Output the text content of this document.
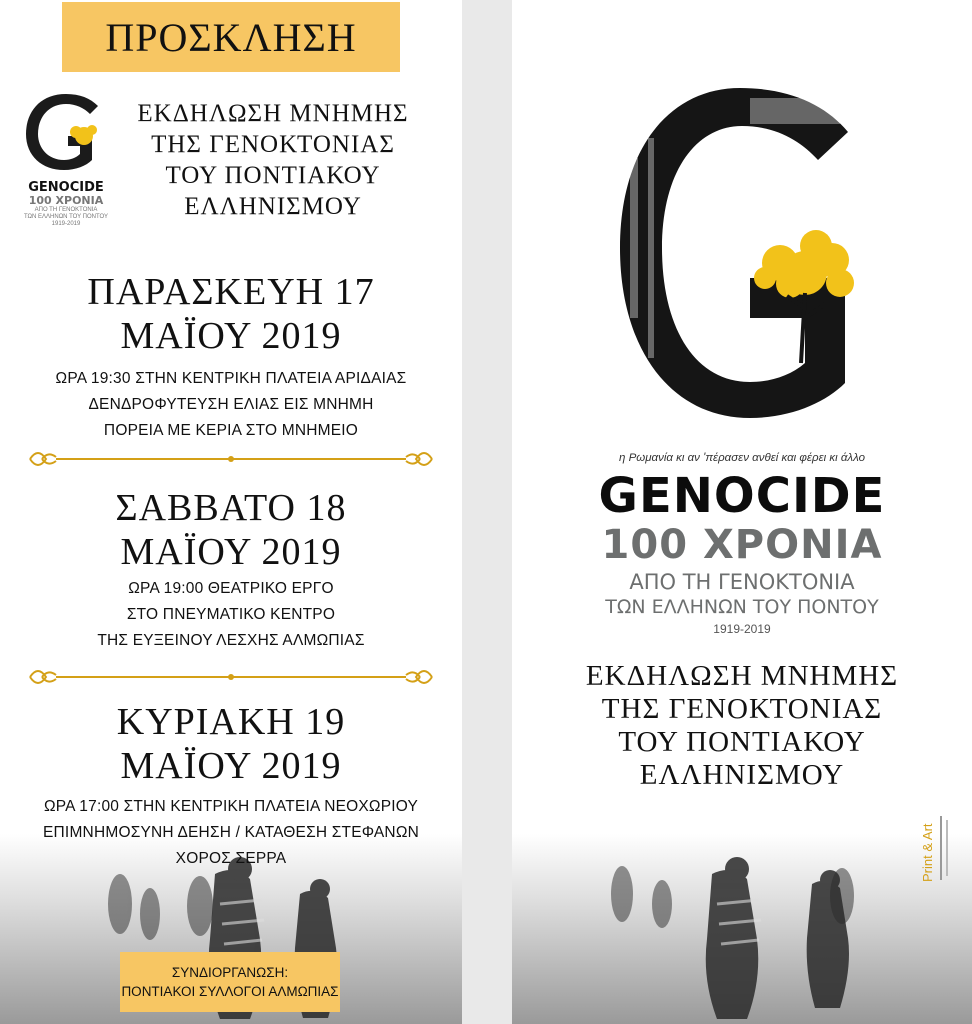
ΠΡΟΣΚΛΗΣΗ
GENOCIDE
100 ΧΡΟΝΙΑ
ΑΠΟ ΤΗ ΓΕΝΟΚΤΟΝΙΑ
ΤΩΝ ΕΛΛΗΝΩΝ ΤΟΥ ΠΟΝΤΟΥ
1919-2019
ΕΚΔΗΛΩΣΗ ΜΝΗΜΗΣ
ΤΗΣ ΓΕΝΟΚΤΟΝΙΑΣ
ΤΟΥ ΠΟΝΤΙΑΚΟΥ
ΕΛΛΗΝΙΣΜΟΥ
ΠΑΡΑΣΚΕΥΗ 17
ΜΑΪΟΥ 2019
ΩΡΑ 19:30 ΣΤΗΝ ΚΕΝΤΡΙΚΗ ΠΛΑΤΕΙΑ ΑΡΙΔΑΙΑΣ
ΔΕΝΔΡΟΦΥΤΕΥΣΗ ΕΛΙΑΣ ΕΙΣ ΜΝΗΜΗ
ΠΟΡΕΙΑ ΜΕ ΚΕΡΙΑ ΣΤΟ ΜΝΗΜΕΙΟ
ΣΑΒΒΑΤΟ 18
ΜΑΪΟΥ 2019
ΩΡΑ 19:00 ΘΕΑΤΡΙΚΟ ΕΡΓΟ
ΣΤΟ ΠΝΕΥΜΑΤΙΚΟ ΚΕΝΤΡΟ
ΤΗΣ ΕΥΞΕΙΝΟΥ ΛΕΣΧΗΣ ΑΛΜΩΠΙΑΣ
ΚΥΡΙΑΚΗ 19
ΜΑΪΟΥ 2019
ΩΡΑ 17:00 ΣΤΗΝ ΚΕΝΤΡΙΚΗ ΠΛΑΤΕΙΑ ΝΕΟΧΩΡΙΟΥ
ΕΠΙΜΝΗΜΟΣΥΝΗ ΔΕΗΣΗ / ΚΑΤΑΘΕΣΗ ΣΤΕΦΑΝΩΝ
ΧΟΡΟΣ ΣΕΡΡΑ
ΣΥΝΔΙΟΡΓΑΝΩΣΗ:
ΠΟΝΤΙΑΚΟΙ ΣΥΛΛΟΓΟΙ ΑΛΜΩΠΙΑΣ
η Ρωμανία κι αν 'πέρασεν ανθεί και φέρει κι άλλο
GENOCIDE
100 ΧΡΟΝΙΑ
ΑΠΟ ΤΗ ΓΕΝΟΚΤΟΝΙΑ
ΤΩΝ ΕΛΛΗΝΩΝ ΤΟΥ ΠΟΝΤΟΥ
1919-2019
ΕΚΔΗΛΩΣΗ ΜΝΗΜΗΣ
ΤΗΣ ΓΕΝΟΚΤΟΝΙΑΣ
ΤΟΥ ΠΟΝΤΙΑΚΟΥ
ΕΛΛΗΝΙΣΜΟΥ
Print & Art
